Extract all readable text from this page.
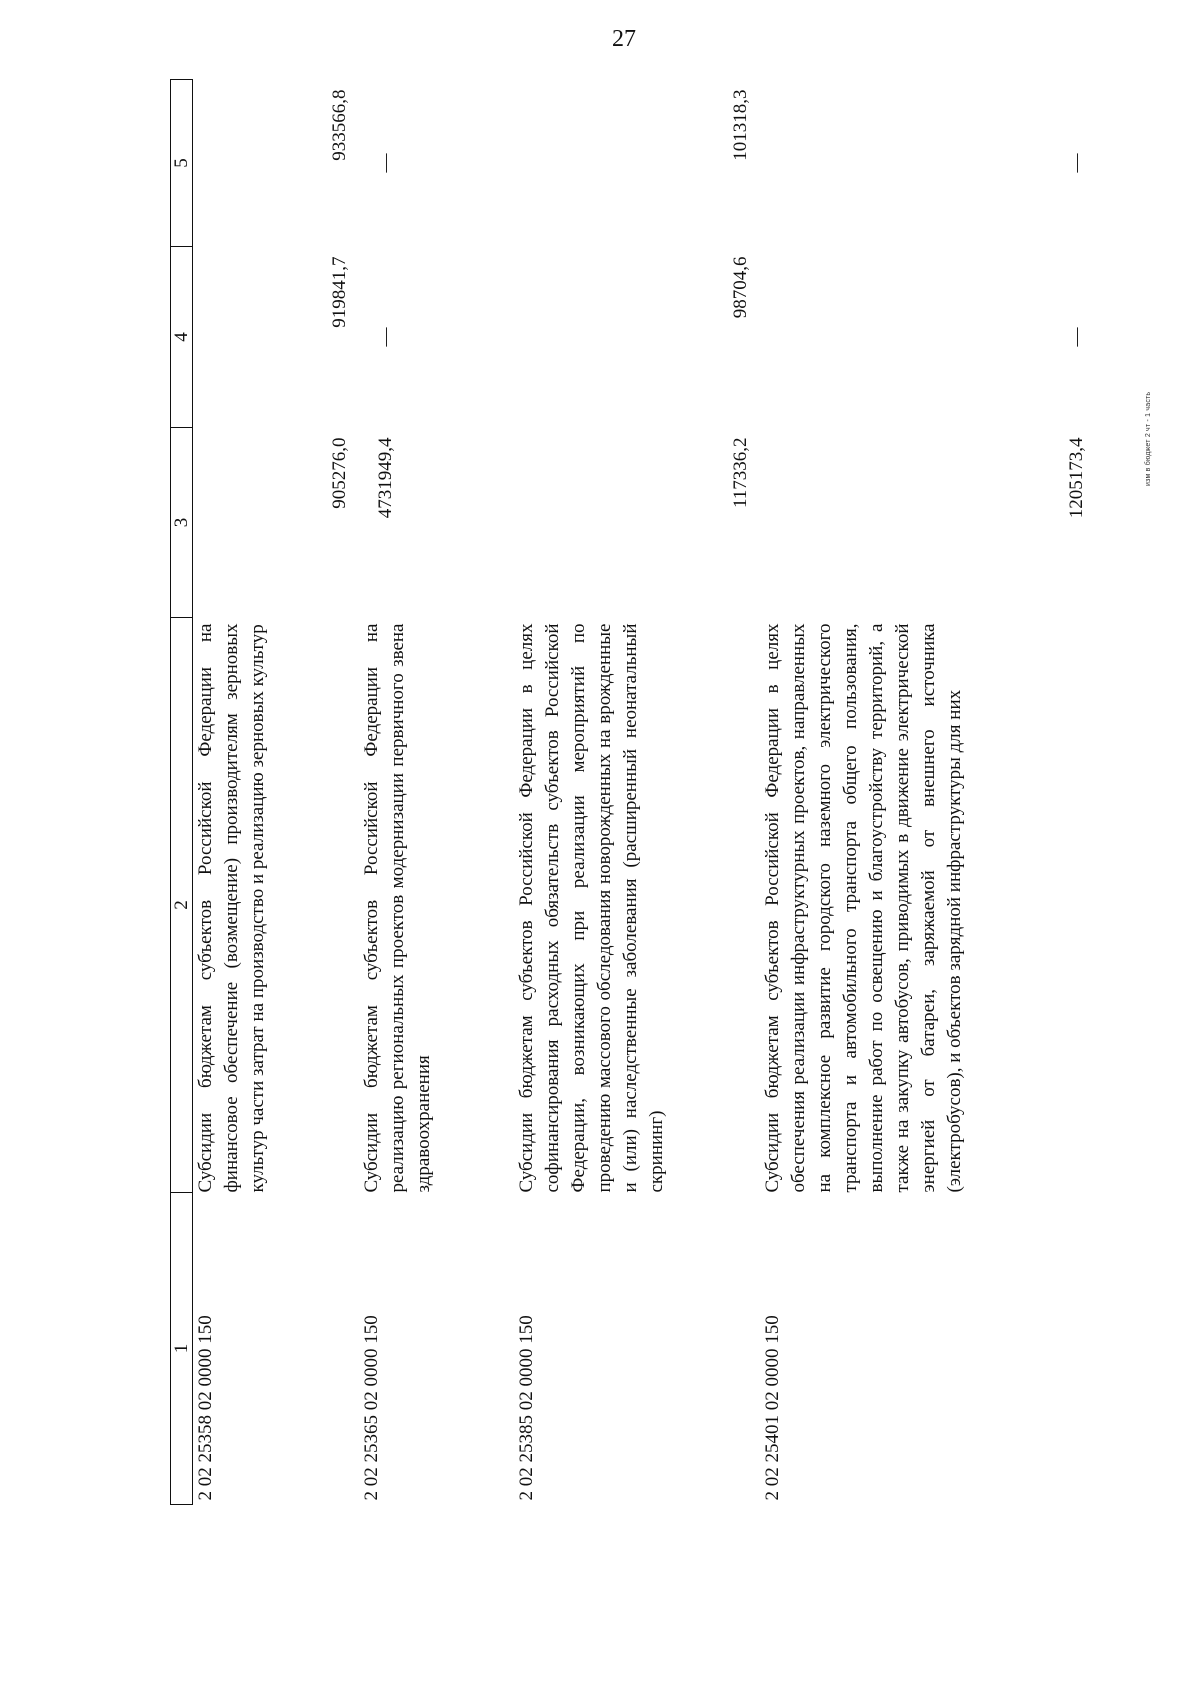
27
изм в бюджет 2 чт - 1 часть
1	2	3	4	5
2 02 25358 02 0000 150	Субсидии бюджетам субъектов Российской Федерации на финансовое обеспечение (возмещение) производителям зерновых культур части затрат на производство и реализацию зерновых культур	905276,0	919841,7	933566,8
2 02 25365 02 0000 150	Субсидии бюджетам субъектов Российской Федерации на реализацию региональных проектов модернизации первичного звена здравоохранения	4731949,4	—	—
2 02 25385 02 0000 150	Субсидии бюджетам субъектов Российской Федерации в целях софинансирования расходных обязательств субъектов Российской Федерации, возникающих при реализации мероприятий по проведению массового обследования новорожденных на врожденные и (или) наследственные заболевания (расширенный неонатальный скрининг)	117336,2	98704,6	101318,3
2 02 25401 02 0000 150	Субсидии бюджетам субъектов Российской Федерации в целях обеспечения реализации инфраструктурных проектов, направленных на комплексное развитие городского наземного электрического транспорта и автомобильного транспорта общего пользования, выполнение работ по освещению и благоустройству территорий, а также на закупку автобусов, приводимых в движение электрической энергией от батареи, заряжаемой от внешнего источника (электробусов), и объектов зарядной инфраструктуры для них	1205173,4	—	—
